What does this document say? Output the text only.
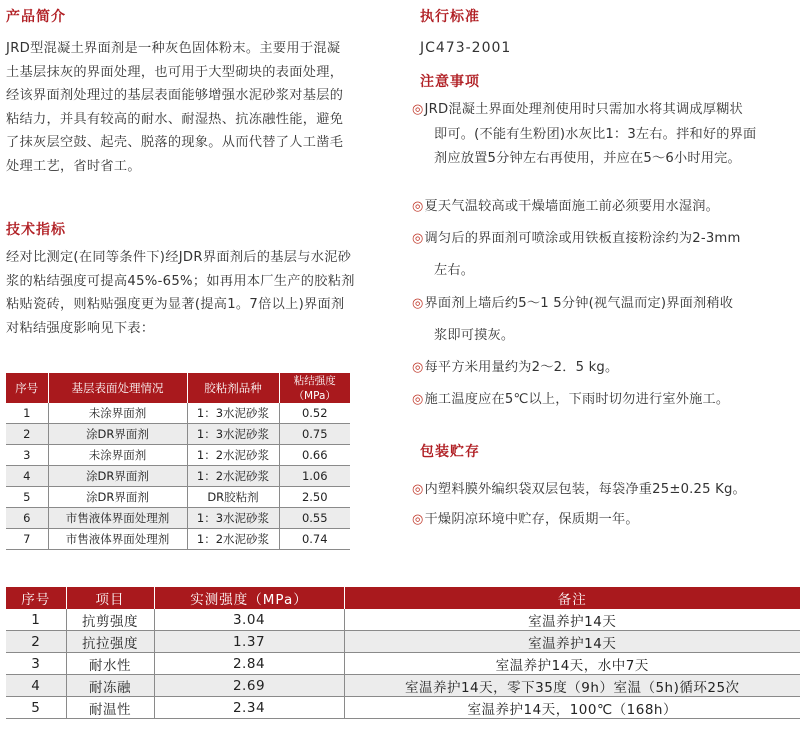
产品简介
JRD型混凝土界面剂是一种灰色固体粉末。主要用于混凝
土基层抹灰的界面处理，也可用于大型砌块的表面处理，
经该界面剂处理过的基层表面能够增强水泥砂浆对基层的
粘结力，并具有较高的耐水、耐湿热、抗冻融性能，避免
了抹灰层空鼓、起壳、脱落的现象。从而代替了人工凿毛
处理工艺，省时省工。
技术指标
经对比测定(在同等条件下)经JDR界面剂后的基层与水泥砂
浆的粘结强度可提高45%-65%；如再用本厂生产的胶粘剂
粘贴瓷砖，则粘贴强度更为显著(提高1。7倍以上)界面剂
对粘结强度影响见下表：
序号	基层表面处理情况	胶粘剂品种	粘结强度（MPa）
1	未涂界面剂	1：3水泥砂浆	0.52
2	涂DR界面剂	1：3水泥砂浆	0.75
3	未涂界面剂	1：2水泥砂浆	0.66
4	涂DR界面剂	1：2水泥砂浆	1.06
5	涂DR界面剂	DR胶粘剂	2.50
6	市售液体界面处理剂	1：3水泥砂浆	0.55
7	市售液体界面处理剂	1：2水泥砂浆	0.74
执行标准
JC473-2001
注意事项
◎JRD混凝土界面处理剂使用时只需加水将其调成厚糊状
即可。(不能有生粉团)水灰比1：3左右。拌和好的界面
剂应放置5分钟左右再使用，并应在5～6小时用完。
◎夏天气温较高或干燥墙面施工前必须要用水湿润。
◎调匀后的界面剂可喷涂或用铁板直接粉涂约为2-3mm
左右。
◎界面剂上墙后约5～1 5分钟(视气温而定)界面剂稍收
浆即可摸灰。
◎每平方米用量约为2～2．5 kg。
◎施工温度应在5℃以上，下雨时切勿进行室外施工。
包装贮存
◎内塑料膜外编织袋双层包装，每袋净重25±0.25 Kg。
◎干燥阴凉环境中贮存，保质期一年。
序号	项目	实测强度（MPa）	备注
1	抗剪强度	3.04	室温养护14天
2	抗拉强度	1.37	室温养护14天
3	耐水性	2.84	室温养护14天，水中7天
4	耐冻融	2.69	室温养护14天，零下35度（9h）室温（5h)循环25次
5	耐温性	2.34	室温养护14天，100℃（168h）
